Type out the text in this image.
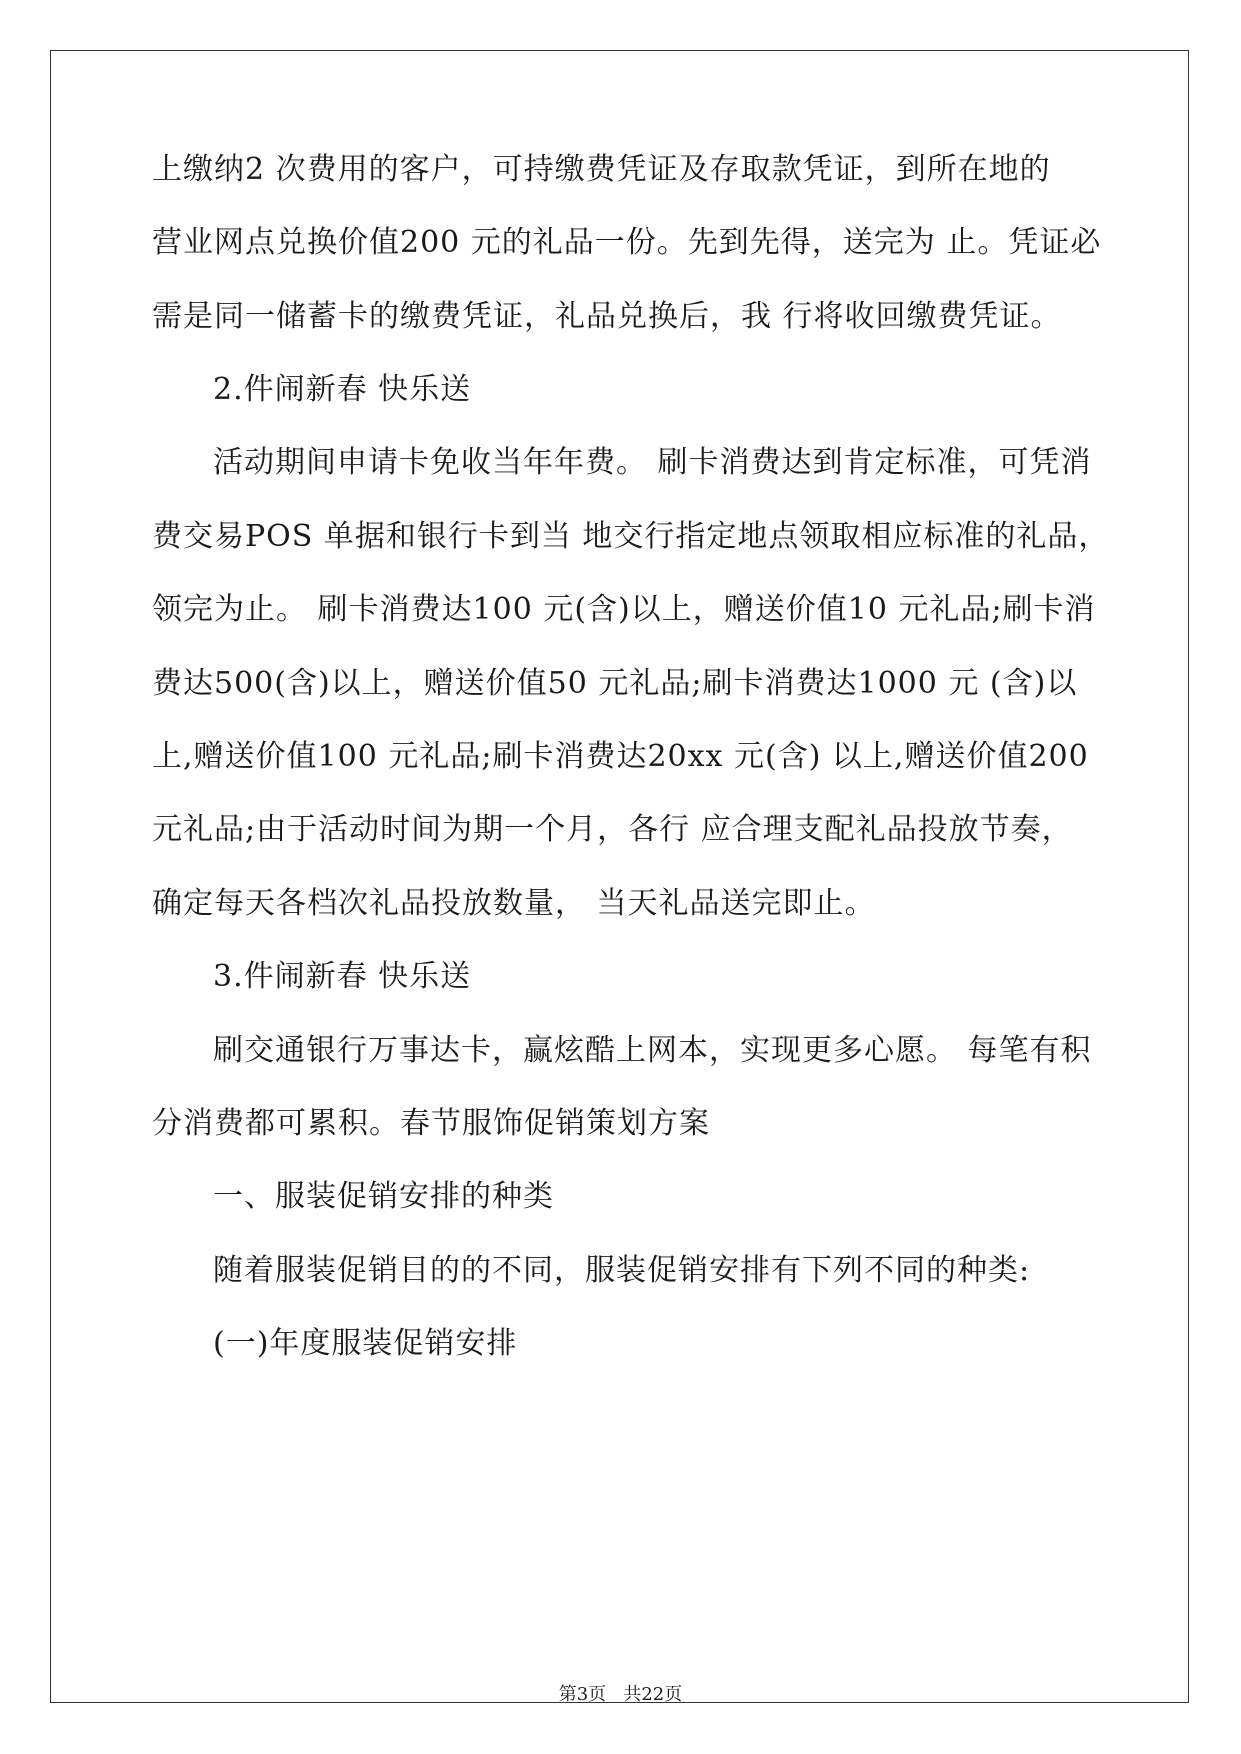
上缴纳2 次费用的客户，可持缴费凭证及存取款凭证，到所在地的
营业网点兑换价值200 元的礼品一份。先到先得，送完为 止。凭证必
需是同一储蓄卡的缴费凭证，礼品兑换后，我 行将收回缴费凭证。
2.件闹新春 快乐送
活动期间申请卡免收当年年费。 刷卡消费达到肯定标准，可凭消
费交易POS 单据和银行卡到当 地交行指定地点领取相应标准的礼品，
领完为止。 刷卡消费达100 元(含)以上，赠送价值10 元礼品;刷卡消
费达500(含)以上，赠送价值50 元礼品;刷卡消费达1000 元 (含)以
上,赠送价值100 元礼品;刷卡消费达20xx 元(含) 以上,赠送价值200
元礼品;由于活动时间为期一个月，各行 应合理支配礼品投放节奏，
确定每天各档次礼品投放数量， 当天礼品送完即止。
3.件闹新春 快乐送
刷交通银行万事达卡，赢炫酷上网本，实现更多心愿。 每笔有积
分消费都可累积。春节服饰促销策划方案
一、服装促销安排的种类
随着服装促销目的的不同，服装促销安排有下列不同的种类:
(一)年度服装促销安排
第3页   共22页
